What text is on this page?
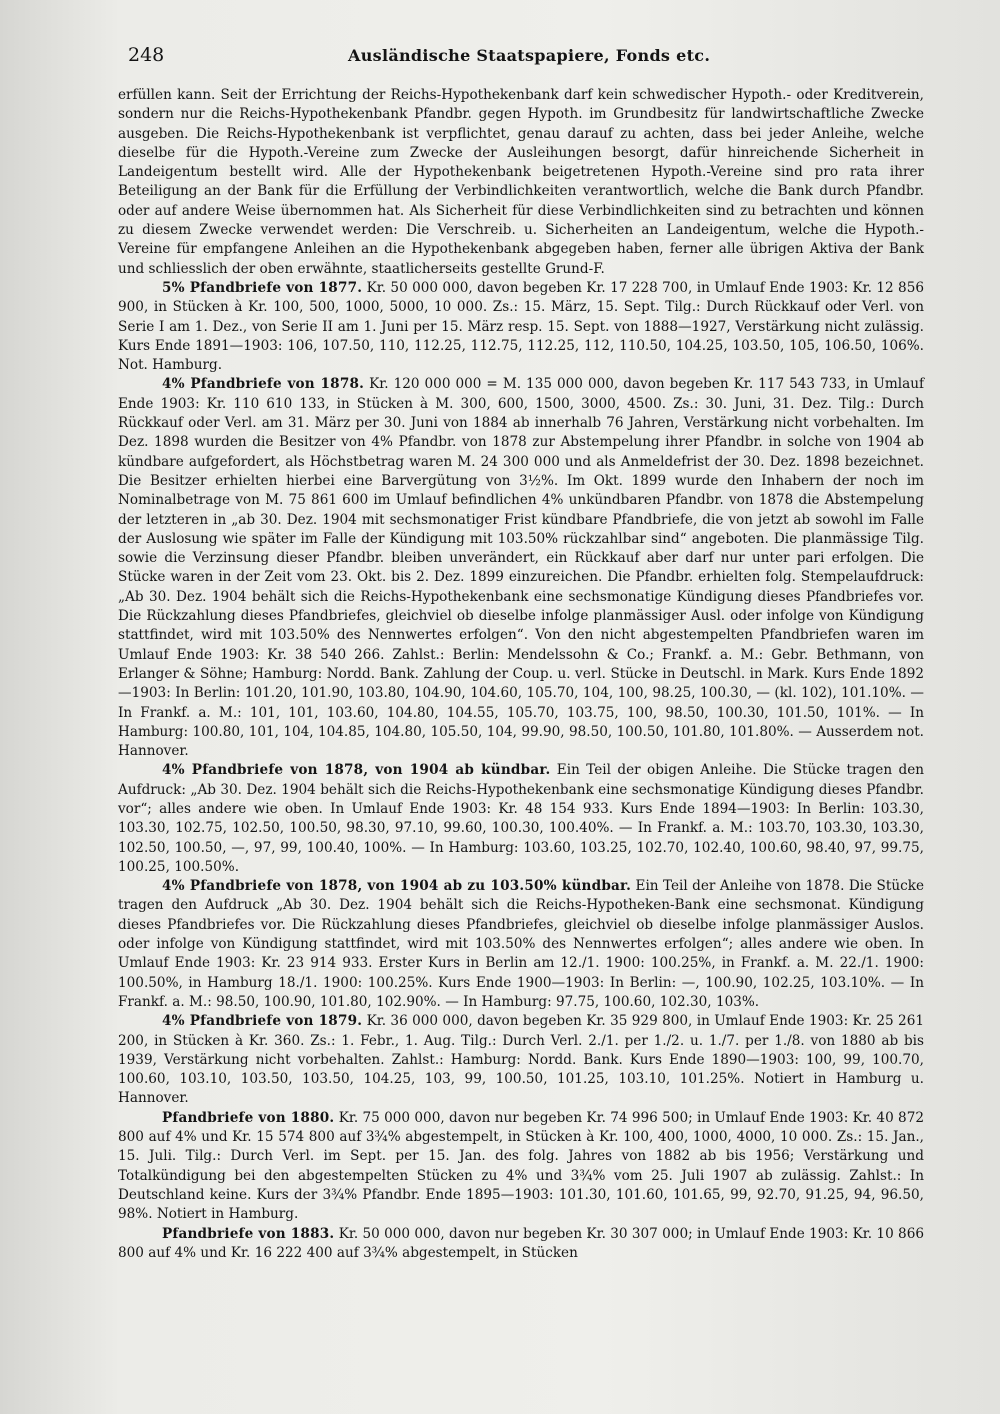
248	Ausländische Staatspapiere, Fonds etc.

erfüllen kann. Seit der Errichtung der Reichs-Hypothekenbank darf kein schwedischer Hypoth.- oder Kreditverein, sondern nur die Reichs-Hypothekenbank Pfandbr. gegen Hypoth. im Grundbesitz für landwirtschaftliche Zwecke ausgeben. Die Reichs-Hypothekenbank ist verpflichtet, genau darauf zu achten, dass bei jeder Anleihe, welche dieselbe für die Hypoth.-Vereine zum Zwecke der Ausleihungen besorgt, dafür hinreichende Sicherheit in Landeigentum bestellt wird. Alle der Hypothekenbank beigetretenen Hypoth.-Vereine sind pro rata ihrer Beteiligung an der Bank für die Erfüllung der Verbindlichkeiten verantwortlich, welche die Bank durch Pfandbr. oder auf andere Weise übernommen hat. Als Sicherheit für diese Verbindlichkeiten sind zu betrachten und können zu diesem Zwecke verwendet werden: Die Verschreib. u. Sicherheiten an Landeigentum, welche die Hypoth.-Vereine für empfangene Anleihen an die Hypothekenbank abgegeben haben, ferner alle übrigen Aktiva der Bank und schliesslich der oben erwähnte, staatlicherseits gestellte Grund-F.

5% Pfandbriefe von 1877. Kr. 50 000 000, davon begeben Kr. 17 228 700, in Umlauf Ende 1903: Kr. 12 856 900, in Stücken à Kr. 100, 500, 1000, 5000, 10 000. Zs.: 15. März, 15. Sept. Tilg.: Durch Rückkauf oder Verl. von Serie I am 1. Dez., von Serie II am 1. Juni per 15. März resp. 15. Sept. von 1888—1927, Verstärkung nicht zulässig. Kurs Ende 1891—1903: 106, 107.50, 110, 112.25, 112.75, 112.25, 112, 110.50, 104.25, 103.50, 105, 106.50, 106%. Not. Hamburg.

4% Pfandbriefe von 1878. Kr. 120 000 000 = M. 135 000 000, davon begeben Kr. 117 543 733, in Umlauf Ende 1903: Kr. 110 610 133, in Stücken à M. 300, 600, 1500, 3000, 4500. Zs.: 30. Juni, 31. Dez. Tilg.: Durch Rückkauf oder Verl. am 31. März per 30. Juni von 1884 ab innerhalb 76 Jahren, Verstärkung nicht vorbehalten. Im Dez. 1898 wurden die Besitzer von 4% Pfandbr. von 1878 zur Abstempelung ihrer Pfandbr. in solche von 1904 ab kündbare aufgefordert, als Höchstbetrag waren M. 24 300 000 und als Anmeldefrist der 30. Dez. 1898 bezeichnet. Die Besitzer erhielten hierbei eine Barvergütung von 3½%. Im Okt. 1899 wurde den Inhabern der noch im Nominalbetrage von M. 75 861 600 im Umlauf befindlichen 4% unkündbaren Pfandbr. von 1878 die Abstempelung der letzteren in „ab 30. Dez. 1904 mit sechsmonatiger Frist kündbare Pfandbriefe, die von jetzt ab sowohl im Falle der Auslosung wie später im Falle der Kündigung mit 103.50% rückzahlbar sind“ angeboten. Die planmässige Tilg. sowie die Verzinsung dieser Pfandbr. bleiben unverändert, ein Rückkauf aber darf nur unter pari erfolgen. Die Stücke waren in der Zeit vom 23. Okt. bis 2. Dez. 1899 einzureichen. Die Pfandbr. erhielten folg. Stempelaufdruck: „Ab 30. Dez. 1904 behält sich die Reichs-Hypothekenbank eine sechsmonatige Kündigung dieses Pfandbriefes vor. Die Rückzahlung dieses Pfandbriefes, gleichviel ob dieselbe infolge planmässiger Ausl. oder infolge von Kündigung stattfindet, wird mit 103.50% des Nennwertes erfolgen“. Von den nicht abgestempelten Pfandbriefen waren im Umlauf Ende 1903: Kr. 38 540 266. Zahlst.: Berlin: Mendelssohn & Co.; Frankf. a. M.: Gebr. Bethmann, von Erlanger & Söhne; Hamburg: Nordd. Bank. Zahlung der Coup. u. verl. Stücke in Deutschl. in Mark. Kurs Ende 1892—1903: In Berlin: 101.20, 101.90, 103.80, 104.90, 104.60, 105.70, 104, 100, 98.25, 100.30, — (kl. 102), 101.10%. — In Frankf. a. M.: 101, 101, 103.60, 104.80, 104.55, 105.70, 103.75, 100, 98.50, 100.30, 101.50, 101%. — In Hamburg: 100.80, 101, 104, 104.85, 104.80, 105.50, 104, 99.90, 98.50, 100.50, 101.80, 101.80%. — Ausserdem not. Hannover.

4% Pfandbriefe von 1878, von 1904 ab kündbar. Ein Teil der obigen Anleihe. Die Stücke tragen den Aufdruck: „Ab 30. Dez. 1904 behält sich die Reichs-Hypothekenbank eine sechsmonatige Kündigung dieses Pfandbr. vor“; alles andere wie oben. In Umlauf Ende 1903: Kr. 48 154 933. Kurs Ende 1894—1903: In Berlin: 103.30, 103.30, 102.75, 102.50, 100.50, 98.30, 97.10, 99.60, 100.30, 100.40%. — In Frankf. a. M.: 103.70, 103.30, 103.30, 102.50, 100.50, —, 97, 99, 100.40, 100%. — In Hamburg: 103.60, 103.25, 102.70, 102.40, 100.60, 98.40, 97, 99.75, 100.25, 100.50%.

4% Pfandbriefe von 1878, von 1904 ab zu 103.50% kündbar. Ein Teil der Anleihe von 1878. Die Stücke tragen den Aufdruck „Ab 30. Dez. 1904 behält sich die Reichs-Hypotheken-Bank eine sechsmonat. Kündigung dieses Pfandbriefes vor. Die Rückzahlung dieses Pfandbriefes, gleichviel ob dieselbe infolge planmässiger Auslos. oder infolge von Kündigung stattfindet, wird mit 103.50% des Nennwertes erfolgen“; alles andere wie oben. In Umlauf Ende 1903: Kr. 23 914 933. Erster Kurs in Berlin am 12./1. 1900: 100.25%, in Frankf. a. M. 22./1. 1900: 100.50%, in Hamburg 18./1. 1900: 100.25%. Kurs Ende 1900—1903: In Berlin: —, 100.90, 102.25, 103.10%. — In Frankf. a. M.: 98.50, 100.90, 101.80, 102.90%. — In Hamburg: 97.75, 100.60, 102.30, 103%.

4% Pfandbriefe von 1879. Kr. 36 000 000, davon begeben Kr. 35 929 800, in Umlauf Ende 1903: Kr. 25 261 200, in Stücken à Kr. 360. Zs.: 1. Febr., 1. Aug. Tilg.: Durch Verl. 2./1. per 1./2. u. 1./7. per 1./8. von 1880 ab bis 1939, Verstärkung nicht vorbehalten. Zahlst.: Hamburg: Nordd. Bank. Kurs Ende 1890—1903: 100, 99, 100.70, 100.60, 103.10, 103.50, 103.50, 104.25, 103, 99, 100.50, 101.25, 103.10, 101.25%. Notiert in Hamburg u. Hannover.

Pfandbriefe von 1880. Kr. 75 000 000, davon nur begeben Kr. 74 996 500; in Umlauf Ende 1903: Kr. 40 872 800 auf 4% und Kr. 15 574 800 auf 3¾% abgestempelt, in Stücken à Kr. 100, 400, 1000, 4000, 10 000. Zs.: 15. Jan., 15. Juli. Tilg.: Durch Verl. im Sept. per 15. Jan. des folg. Jahres von 1882 ab bis 1956; Verstärkung und Totalkündigung bei den abgestempelten Stücken zu 4% und 3¾% vom 25. Juli 1907 ab zulässig. Zahlst.: In Deutschland keine. Kurs der 3¾% Pfandbr. Ende 1895—1903: 101.30, 101.60, 101.65, 99, 92.70, 91.25, 94, 96.50, 98%. Notiert in Hamburg.

Pfandbriefe von 1883. Kr. 50 000 000, davon nur begeben Kr. 30 307 000; in Umlauf Ende 1903: Kr. 10 866 800 auf 4% und Kr. 16 222 400 auf 3¾% abgestempelt, in Stücken
